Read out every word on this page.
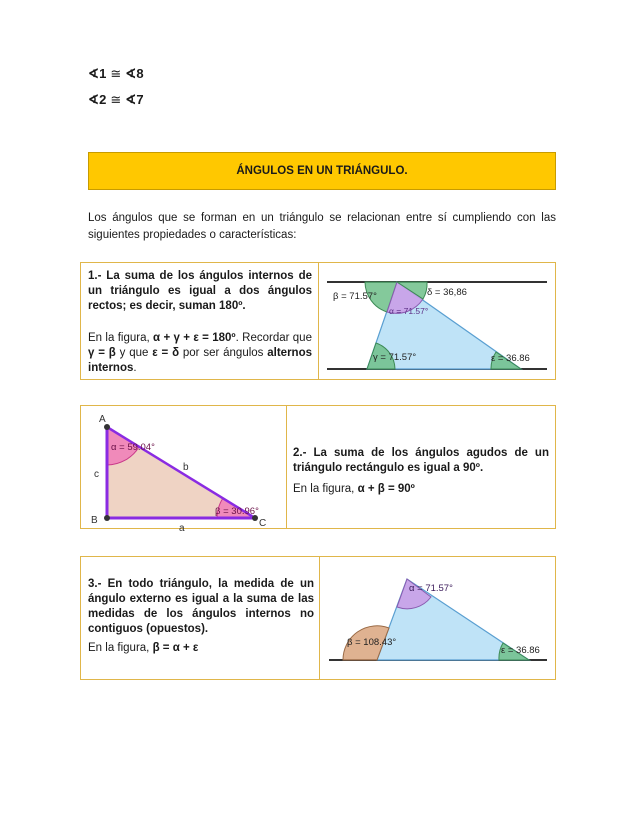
∢1 ≅ ∢8
∢2 ≅ ∢7
ÁNGULOS EN UN TRIÁNGULO.
Los ángulos que se forman en un triángulo se relacionan entre sí cumpliendo con las siguientes propiedades o características:
1.- La suma de los ángulos internos de un triángulo es igual a dos ángulos rectos; es decir, suman 180º.
En la figura, α + γ + ε = 180º. Recordar que γ = β y que ε = δ por ser ángulos alternos internos.
β = 71.57°	δ = 36,86
α = 71.57°
γ = 71.57°	ε = 36.86
A
B	C
c
b
a
α = 59.04°
β = 30.96°
2.- La suma de los ángulos agudos de un triángulo rectángulo es igual a 90º.
En la figura, α + β = 90º
3.- En todo triángulo, la medida de un ángulo externo es igual a la suma de las medidas de los ángulos internos no contiguos (opuestos).
En la figura, β = α + ε
α = 71.57°
β = 108.43°
ε = 36.86
